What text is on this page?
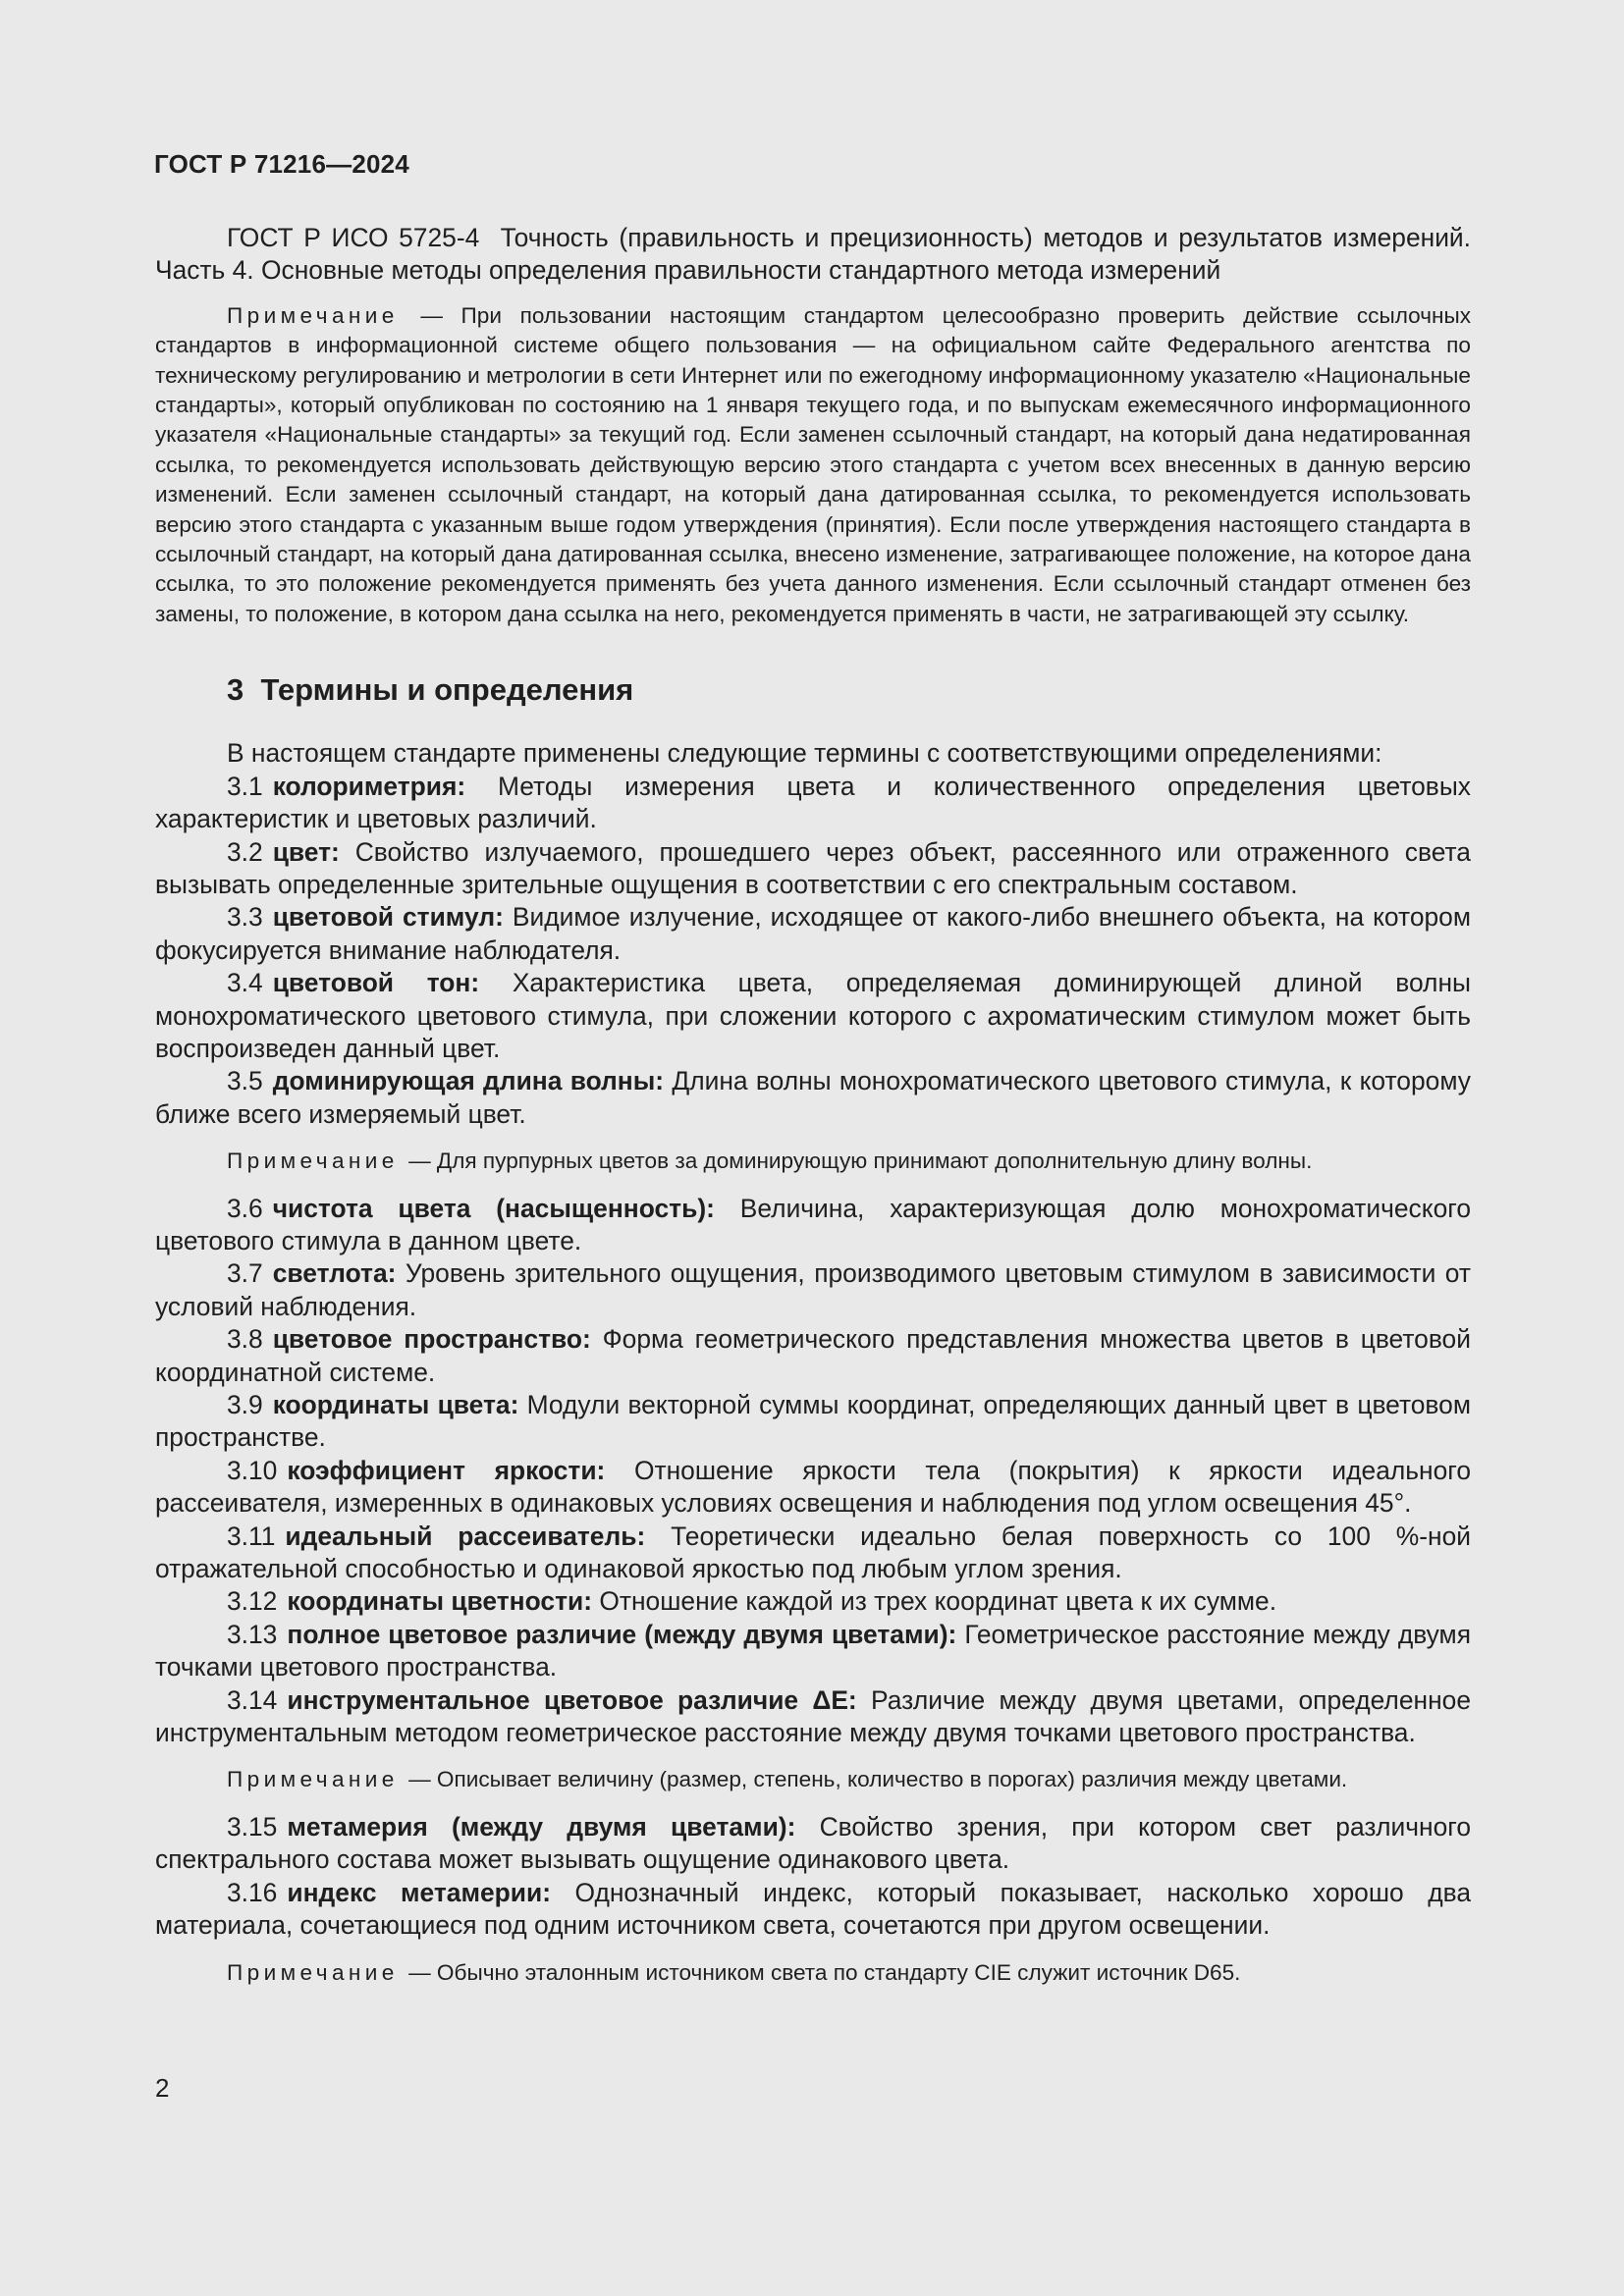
ГОСТ Р 71216—2024

ГОСТ Р ИСО 5725-4 Точность (правильность и прецизионность) методов и результатов измерений. Часть 4. Основные методы определения правильности стандартного метода измерений

Примечание — При пользовании настоящим стандартом целесообразно проверить действие ссылочных стандартов в информационной системе общего пользования — на официальном сайте Федерального агентства по техническому регулированию и метрологии в сети Интернет или по ежегодному информационному указателю «Национальные стандарты», который опубликован по состоянию на 1 января текущего года, и по выпускам ежемесячного информационного указателя «Национальные стандарты» за текущий год. Если заменен ссылочный стандарт, на который дана недатированная ссылка, то рекомендуется использовать действующую версию этого стандарта с учетом всех внесенных в данную версию изменений. Если заменен ссылочный стандарт, на который дана датированная ссылка, то рекомендуется использовать версию этого стандарта с указанным выше годом утверждения (принятия). Если после утверждения настоящего стандарта в ссылочный стандарт, на который дана датированная ссылка, внесено изменение, затрагивающее положение, на которое дана ссылка, то это положение рекомендуется применять без учета данного изменения. Если ссылочный стандарт отменен без замены, то положение, в котором дана ссылка на него, рекомендуется применять в части, не затрагивающей эту ссылку.

3 Термины и определения

В настоящем стандарте применены следующие термины с соответствующими определениями:

3.1 колориметрия: Методы измерения цвета и количественного определения цветовых характеристик и цветовых различий.

3.2 цвет: Свойство излучаемого, прошедшего через объект, рассеянного или отраженного света вызывать определенные зрительные ощущения в соответствии с его спектральным составом.

3.3 цветовой стимул: Видимое излучение, исходящее от какого-либо внешнего объекта, на котором фокусируется внимание наблюдателя.

3.4 цветовой тон: Характеристика цвета, определяемая доминирующей длиной волны монохроматического цветового стимула, при сложении которого с ахроматическим стимулом может быть воспроизведен данный цвет.

3.5 доминирующая длина волны: Длина волны монохроматического цветового стимула, к которому ближе всего измеряемый цвет.

Примечание — Для пурпурных цветов за доминирующую принимают дополнительную длину волны.

3.6 чистота цвета (насыщенность): Величина, характеризующая долю монохроматического цветового стимула в данном цвете.

3.7 светлота: Уровень зрительного ощущения, производимого цветовым стимулом в зависимости от условий наблюдения.

3.8 цветовое пространство: Форма геометрического представления множества цветов в цветовой координатной системе.

3.9 координаты цвета: Модули векторной суммы координат, определяющих данный цвет в цветовом пространстве.

3.10 коэффициент яркости: Отношение яркости тела (покрытия) к яркости идеального рассеивателя, измеренных в одинаковых условиях освещения и наблюдения под углом освещения 45°.

3.11 идеальный рассеиватель: Теоретически идеально белая поверхность со 100 %-ной отражательной способностью и одинаковой яркостью под любым углом зрения.

3.12 координаты цветности: Отношение каждой из трех координат цвета к их сумме.

3.13 полное цветовое различие (между двумя цветами): Геометрическое расстояние между двумя точками цветового пространства.

3.14 инструментальное цветовое различие ΔE: Различие между двумя цветами, определенное инструментальным методом геометрическое расстояние между двумя точками цветового пространства.

Примечание — Описывает величину (размер, степень, количество в порогах) различия между цветами.

3.15 метамерия (между двумя цветами): Свойство зрения, при котором свет различного спектрального состава может вызывать ощущение одинакового цвета.

3.16 индекс метамерии: Однозначный индекс, который показывает, насколько хорошо два материала, сочетающиеся под одним источником света, сочетаются при другом освещении.

Примечание — Обычно эталонным источником света по стандарту CIE служит источник D65.

2
